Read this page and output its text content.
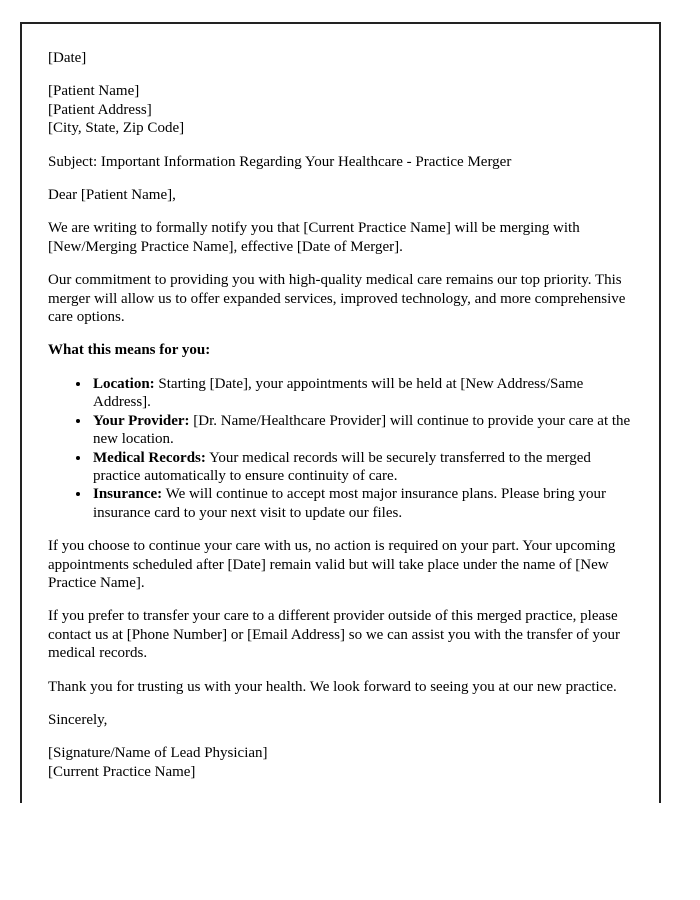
[Date]

[Patient Name]
[Patient Address]
[City, State, Zip Code]

Subject: Important Information Regarding Your Healthcare - Practice Merger

Dear [Patient Name],

We are writing to formally notify you that [Current Practice Name] will be merging with [New/Merging Practice Name], effective [Date of Merger].

Our commitment to providing you with high-quality medical care remains our top priority. This merger will allow us to offer expanded services, improved technology, and more comprehensive care options.

What this means for you:

• Location: Starting [Date], your appointments will be held at [New Address/Same Address].
• Your Provider: [Dr. Name/Healthcare Provider] will continue to provide your care at the new location.
• Medical Records: Your medical records will be securely transferred to the merged practice automatically to ensure continuity of care.
• Insurance: We will continue to accept most major insurance plans. Please bring your insurance card to your next visit to update our files.

If you choose to continue your care with us, no action is required on your part. Your upcoming appointments scheduled after [Date] remain valid but will take place under the name of [New Practice Name].

If you prefer to transfer your care to a different provider outside of this merged practice, please contact us at [Phone Number] or [Email Address] so we can assist you with the transfer of your medical records.

Thank you for trusting us with your health. We look forward to seeing you at our new practice.

Sincerely,

[Signature/Name of Lead Physician]
[Current Practice Name]
